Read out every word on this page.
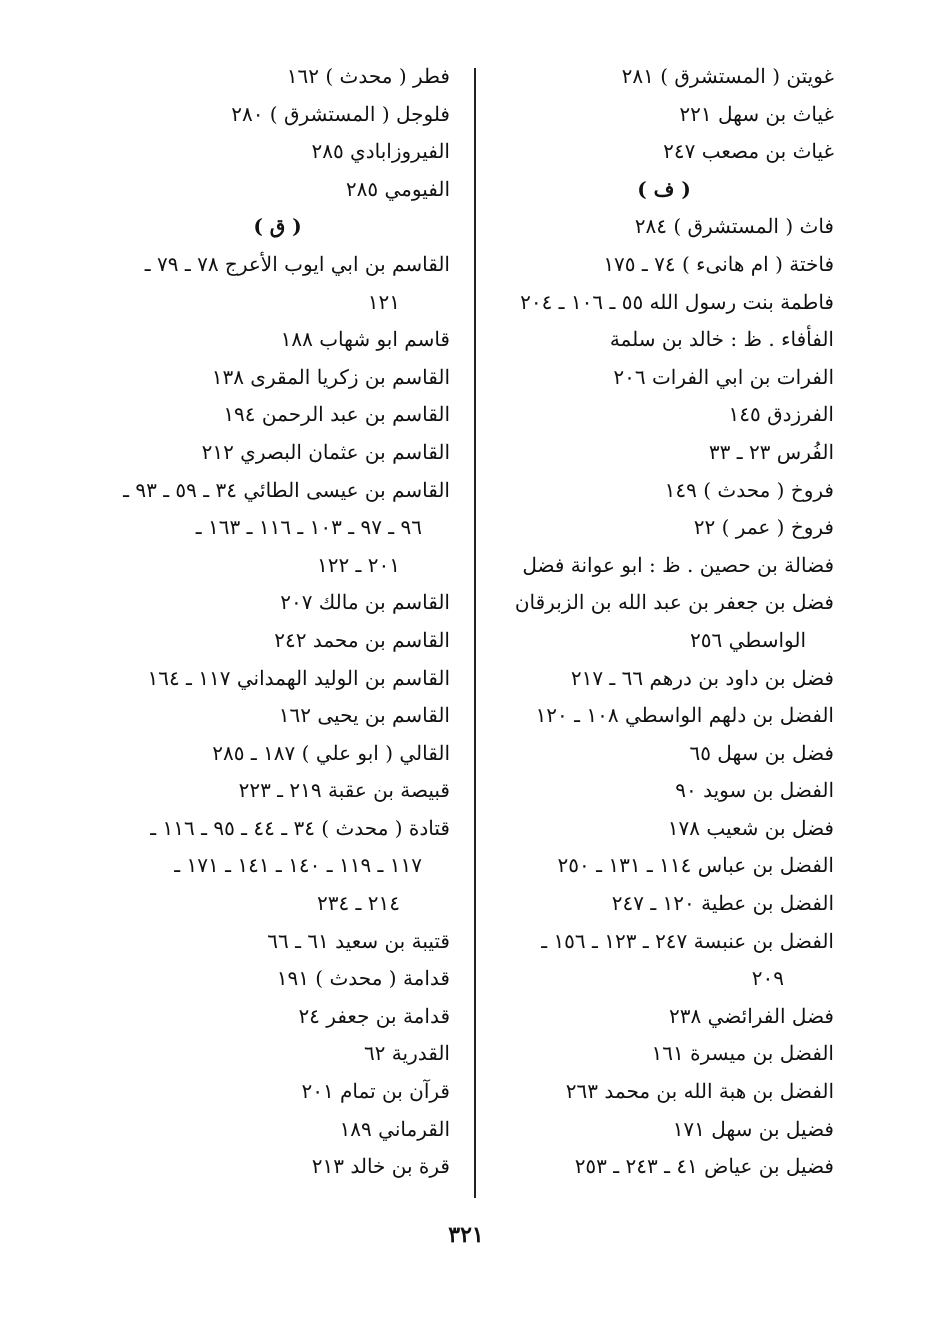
غويتن ( المستشرق ) ٢٨١
غياث بن سهل ٢٢١
غياث بن مصعب ٢٤٧
( ف )
فاث ( المستشرق ) ٢٨٤
فاختة ( ام هانىء ) ٧٤ ـ ١٧٥
فاطمة بنت رسول الله ٥٥ ـ ١٠٦ ـ ٢٠٤
الفأفاء . ظ : خالد بن سلمة
الفرات بن ابي الفرات ٢٠٦
الفرزدق ١٤٥
الفُرس ٢٣ ـ ٣٣
فروخ ( محدث ) ١٤٩
فروخ ( عمر ) ٢٢
فضالة بن حصين . ظ : ابو عوانة فضل
فضل بن جعفر بن عبد الله بن الزبرقان
الواسطي ٢٥٦
فضل بن داود بن درهم ٦٦ ـ ٢١٧
الفضل بن دلهم الواسطي ١٠٨ ـ ١٢٠
فضل بن سهل ٦٥
الفضل بن سويد ٩٠
فضل بن شعيب ١٧٨
الفضل بن عباس ١١٤ ـ ١٣١ ـ ٢٥٠
الفضل بن عطية ١٢٠ ـ ٢٤٧
الفضل بن عنبسة ٢٤٧ ـ ١٢٣ ـ ١٥٦ ـ
٢٠٩
فضل الفرائضي ٢٣٨
الفضل بن ميسرة ١٦١
الفضل بن هبة الله بن محمد ٢٦٣
فضيل بن سهل ١٧١
فضيل بن عياض ٤١ ـ ٢٤٣ ـ ٢٥٣
فطر ( محدث ) ١٦٢
فلوجل ( المستشرق ) ٢٨٠
الفيروزابادي ٢٨٥
الفيومي ٢٨٥
( ق )
القاسم بن ابي ايوب الأعرج ٧٨ ـ ٧٩ ـ
١٢١
قاسم ابو شهاب ١٨٨
القاسم بن زكريا المقرى ١٣٨
القاسم بن عبد الرحمن ١٩٤
القاسم بن عثمان البصري ٢١٢
القاسم بن عيسى الطائي ٣٤ ـ ٥٩ ـ ٩٣ ـ
٩٦ ـ ٩٧ ـ ١٠٣ ـ ١١٦ ـ ١٦٣ ـ
٢٠١ ـ ١٢٢
القاسم بن مالك ٢٠٧
القاسم بن محمد ٢٤٢
القاسم بن الوليد الهمداني ١١٧ ـ ١٦٤
القاسم بن يحيى ١٦٢
القالي ( ابو علي ) ١٨٧ ـ ٢٨٥
قبيصة بن عقبة ٢١٩ ـ ٢٢٣
قتادة ( محدث ) ٣٤ ـ ٤٤ ـ ٩٥ ـ ١١٦ ـ
١١٧ ـ ١١٩ ـ ١٤٠ ـ ١٤١ ـ ١٧١ ـ
٢١٤ ـ ٢٣٤
قتيبة بن سعيد ٦١ ـ ٦٦
قدامة ( محدث ) ١٩١
قدامة بن جعفر ٢٤
القدرية ٦٢
قرآن بن تمام ٢٠١
القرماني ١٨٩
قرة بن خالد ٢١٣
٣٢١
